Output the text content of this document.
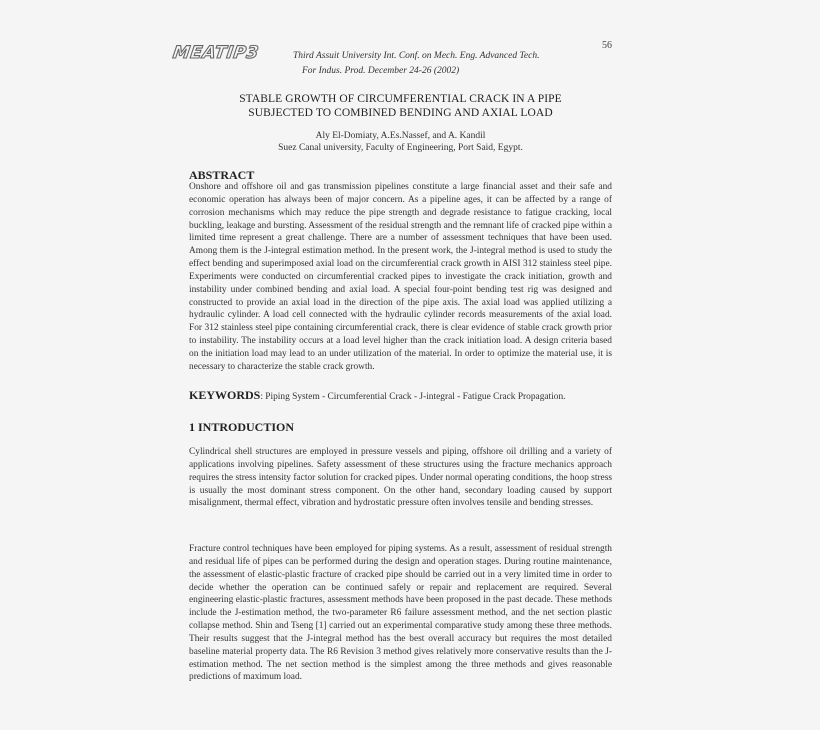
MEATIP3	Third Assuit University Int. Conf. on Mech. Eng. Advanced Tech.
For Indus. Prod. December 24-26 (2002)
56
STABLE GROWTH OF CIRCUMFERENTIAL CRACK IN A PIPE
SUBJECTED TO COMBINED BENDING AND AXIAL LOAD
Aly El-Domiaty, A.Es.Nassef, and A. Kandil
Suez Canal university, Faculty of Engineering, Port Said, Egypt.
ABSTRACT
Onshore and offshore oil and gas transmission pipelines constitute a large financial asset and their safe and economic operation has always been of major concern. As a pipeline ages, it can be affected by a range of corrosion mechanisms which may reduce the pipe strength and degrade resistance to fatigue cracking, local buckling, leakage and bursting. Assessment of the residual strength and the remnant life of cracked pipe within a limited time represent a great challenge. There are a number of assessment techniques that have been used. Among them is the J-integral estimation method. In the present work, the J-integral method is used to study the effect bending and superimposed axial load on the circumferential crack growth in AISI 312 stainless steel pipe. Experiments were conducted on circumferential cracked pipes to investigate the crack initiation, growth and instability under combined bending and axial load. A special four-point bending test rig was designed and constructed to provide an axial load in the direction of the pipe axis. The axial load was applied utilizing a hydraulic cylinder. A load cell connected with the hydraulic cylinder records measurements of the axial load. For 312 stainless steel pipe containing circumferential crack, there is clear evidence of stable crack growth prior to instability. The instability occurs at a load level higher than the crack initiation load. A design criteria based on the initiation load may lead to an under utilization of the material. In order to optimize the material use, it is necessary to characterize the stable crack growth.
KEYWORDS: Piping System - Circumferential Crack - J-integral - Fatigue Crack Propagation.
1 INTRODUCTION
Cylindrical shell structures are employed in pressure vessels and piping, offshore oil drilling and a variety of applications involving pipelines. Safety assessment of these structures using the fracture mechanics approach requires the stress intensity factor solution for cracked pipes. Under normal operating conditions, the hoop stress is usually the most dominant stress component. On the other hand, secondary loading caused by support misalignment, thermal effect, vibration and hydrostatic pressure often involves tensile and bending stresses.
Fracture control techniques have been employed for piping systems. As a result, assessment of residual strength and residual life of pipes can be performed during the design and operation stages. During routine maintenance, the assessment of elastic-plastic fracture of cracked pipe should be carried out in a very limited time in order to decide whether the operation can be continued safely or repair and replacement are required. Several engineering elastic-plastic fractures, assessment methods have been proposed in the past decade. These methods include the J-estimation method, the two-parameter R6 failure assessment method, and the net section plastic collapse method. Shin and Tseng [1] carried out an experimental comparative study among these three methods. Their results suggest that the J-integral method has the best overall accuracy but requires the most detailed baseline material property data. The R6 Revision 3 method gives relatively more conservative results than the J-estimation method. The net section method is the simplest among the three methods and gives reasonable predictions of maximum load.
